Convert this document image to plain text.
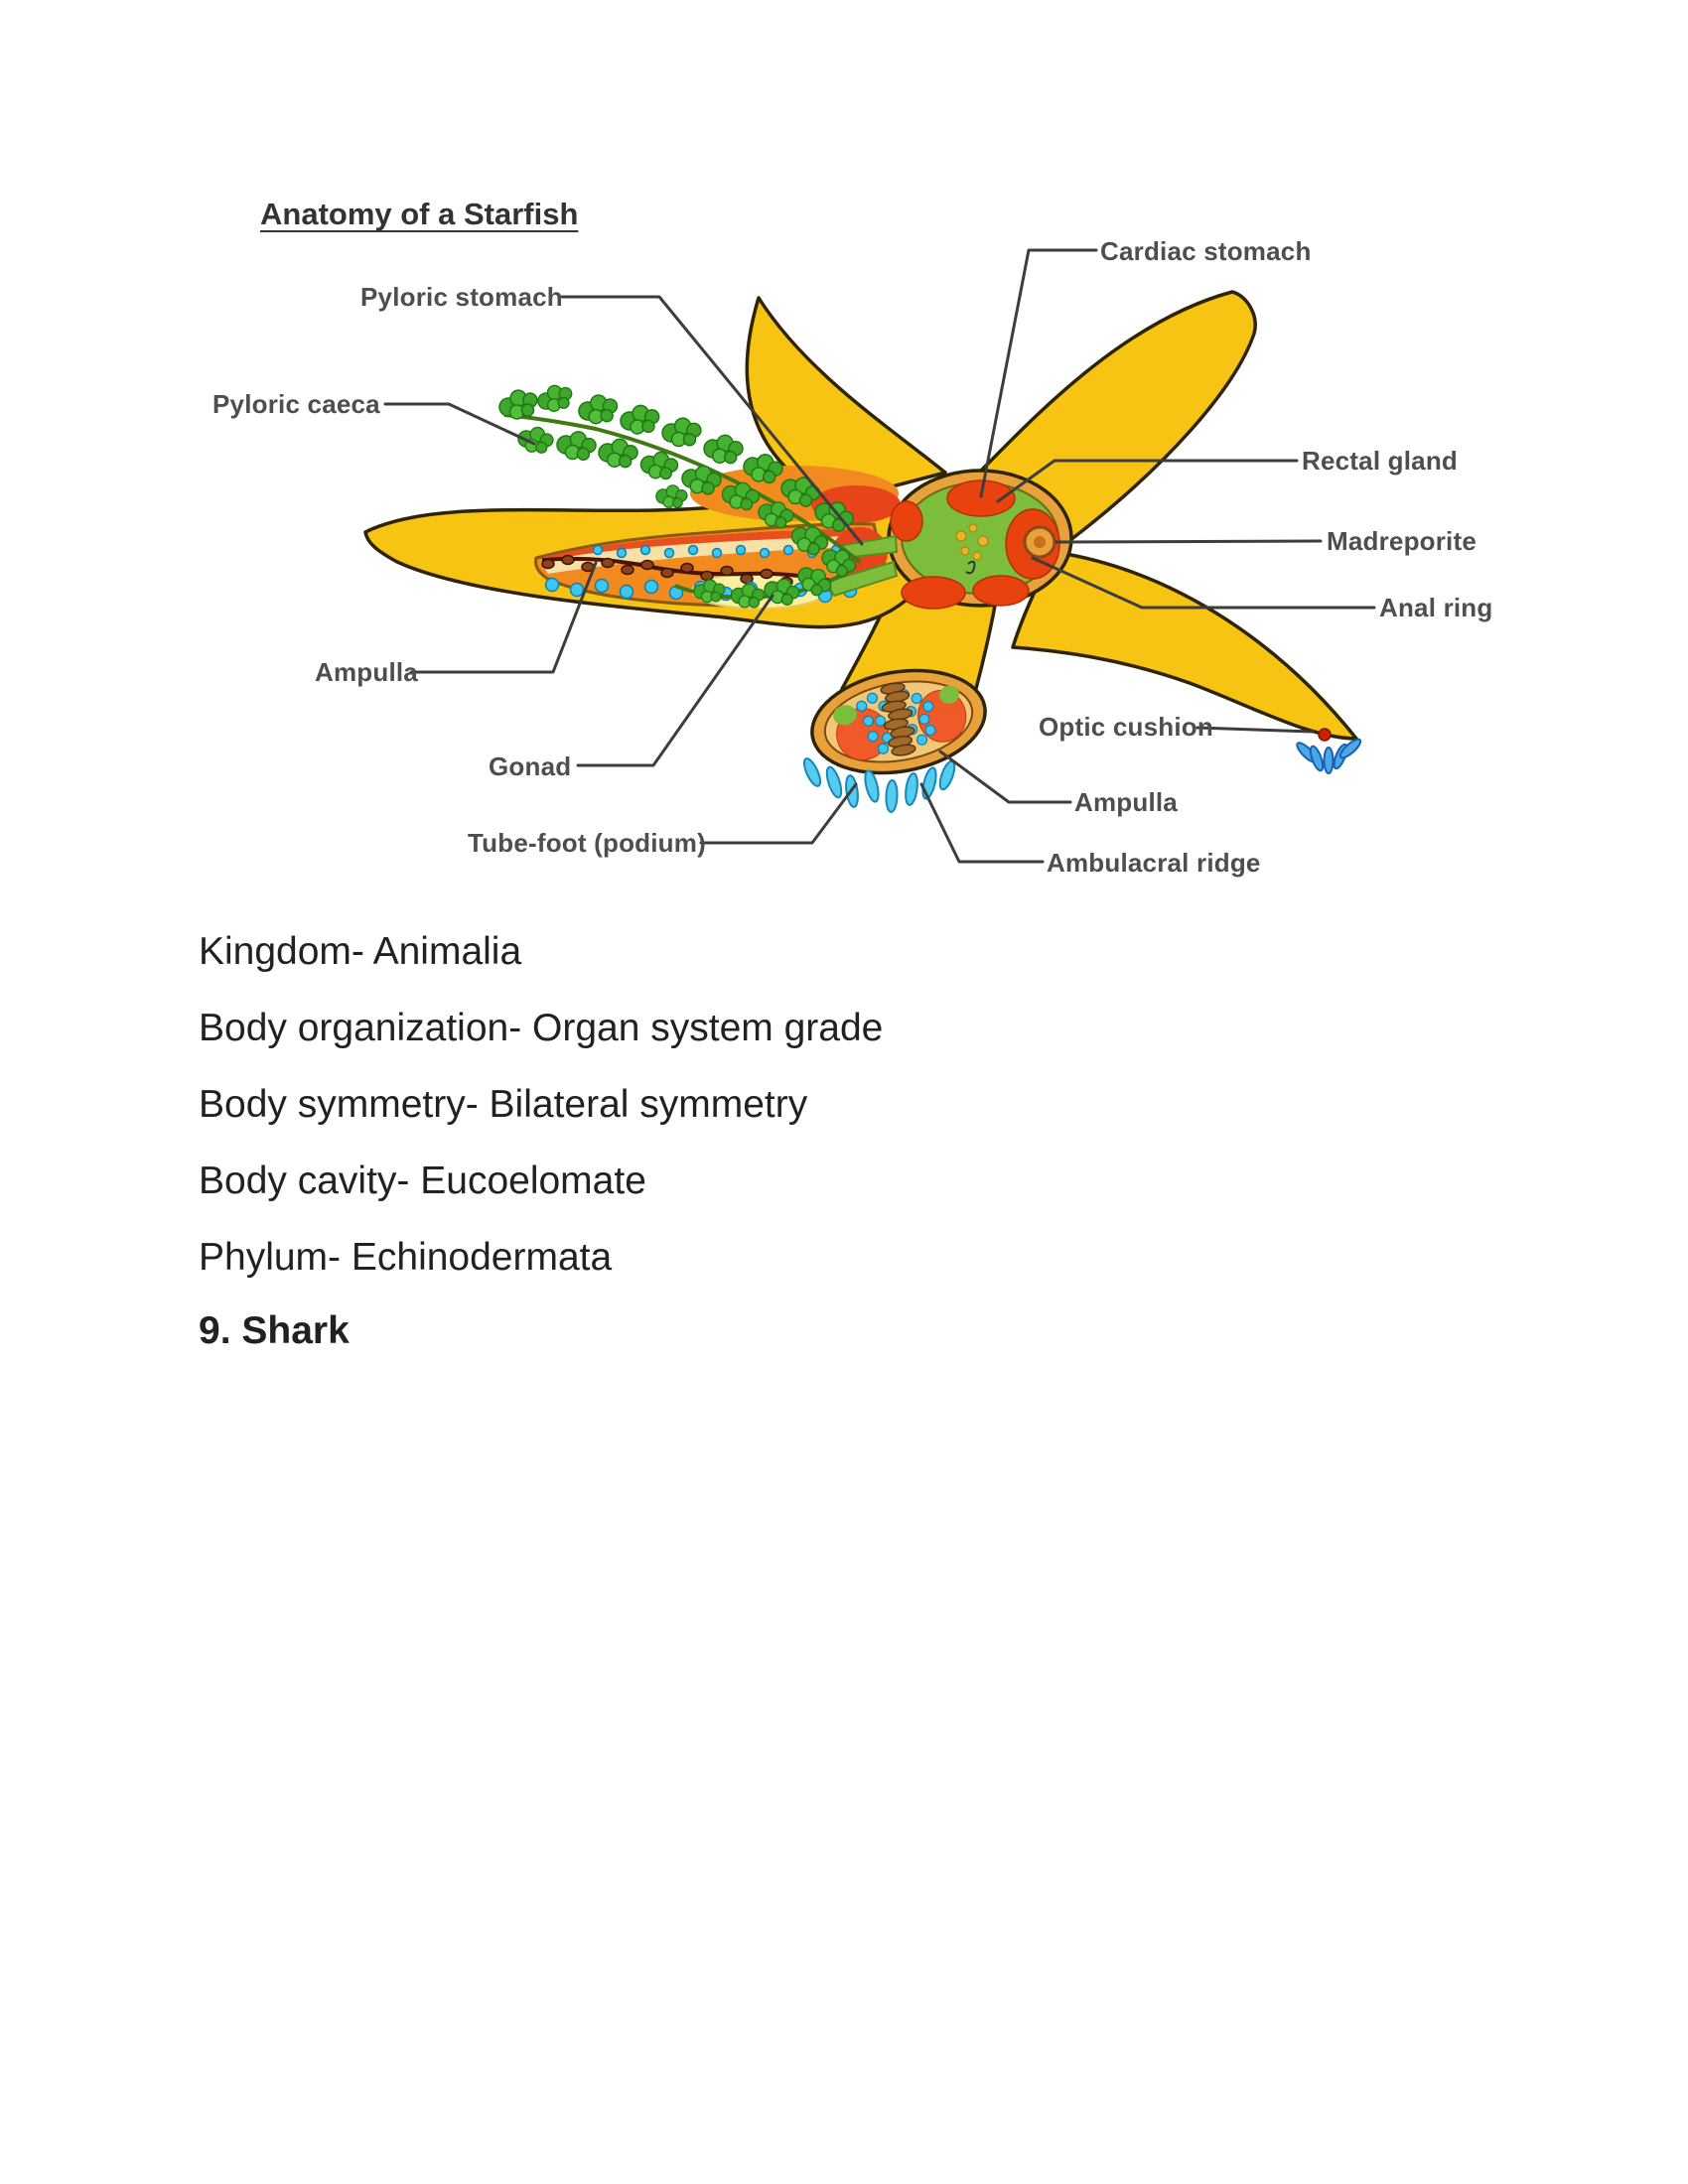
Anatomy of a Starfish
Cardiac stomach
Pyloric stomach
Pyloric caeca
Rectal gland
Madreporite
Anal ring
Ampulla
Optic cushion
Gonad
Ampulla
Tube-foot (podium)
Ambulacral ridge
Kingdom- Animalia
Body organization- Organ system grade
Body symmetry- Bilateral symmetry
Body cavity- Eucoelomate
Phylum- Echinodermata
9. Shark
